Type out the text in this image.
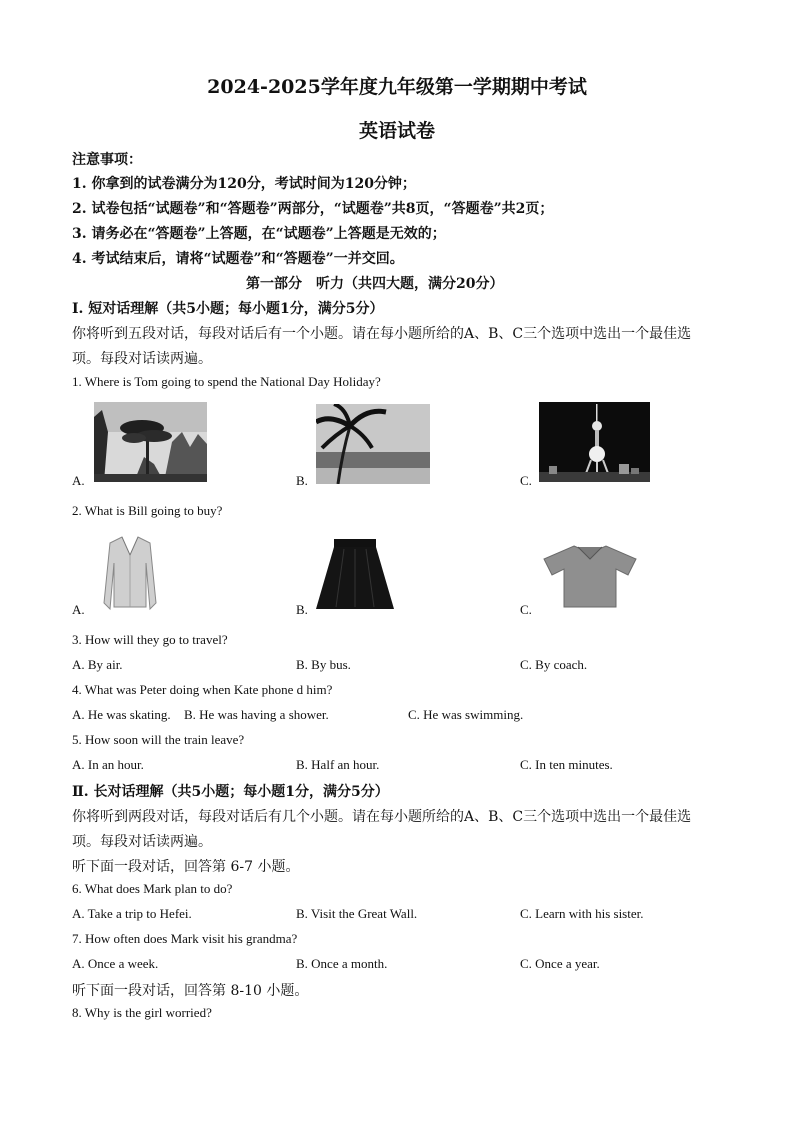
2024-2025学年度九年级第一学期期中考试
英语试卷
注意事项：
1. 你拿到的试卷满分为120分，考试时间为120分钟；
2. 试卷包括“试题卷”和“答题卷”两部分，“试题卷”共8页，“答题卷”共2页；
3. 请务必在“答题卷”上答题，在“试题卷”上答题是无效的；
4. 考试结束后，请将“试题卷”和“答题卷”一并交回。
第一部分　听力（共四大题，满分20分）
Ⅰ. 短对话理解（共5小题；每小题1分，满分5分）
你将听到五段对话，每段对话后有一个小题。请在每小题所给的A、B、C三个选项中选出一个最佳选
项。每段对话读两遍。
1. Where is Tom going to spend the National Day Holiday?
A.	B.	C.
2. What is Bill going to buy?
A.	B.	C.
3. How will they go to travel?
A. By air.	B. By bus.	C. By coach.
4. What was Peter doing when Kate phone d him?
A. He was skating. B. He was having a shower.	C. He was swimming.
5. How soon will the train leave?
A. In an hour.	B. Half an hour.	C. In ten minutes.
Ⅱ. 长对话理解（共5小题；每小题1分，满分5分）
你将听到两段对话，每段对话后有几个小题。请在每小题所给的A、B、C三个选项中选出一个最佳选
项。每段对话读两遍。
听下面一段对话，回答第 6-7 小题。
6. What does Mark plan to do?
A. Take a trip to Hefei.	B. Visit the Great Wall.	C. Learn with his sister.
7. How often does Mark visit his grandma?
A. Once a week.	B. Once a month.	C. Once a year.
听下面一段对话，回答第 8-10 小题。
8. Why is the girl worried?
